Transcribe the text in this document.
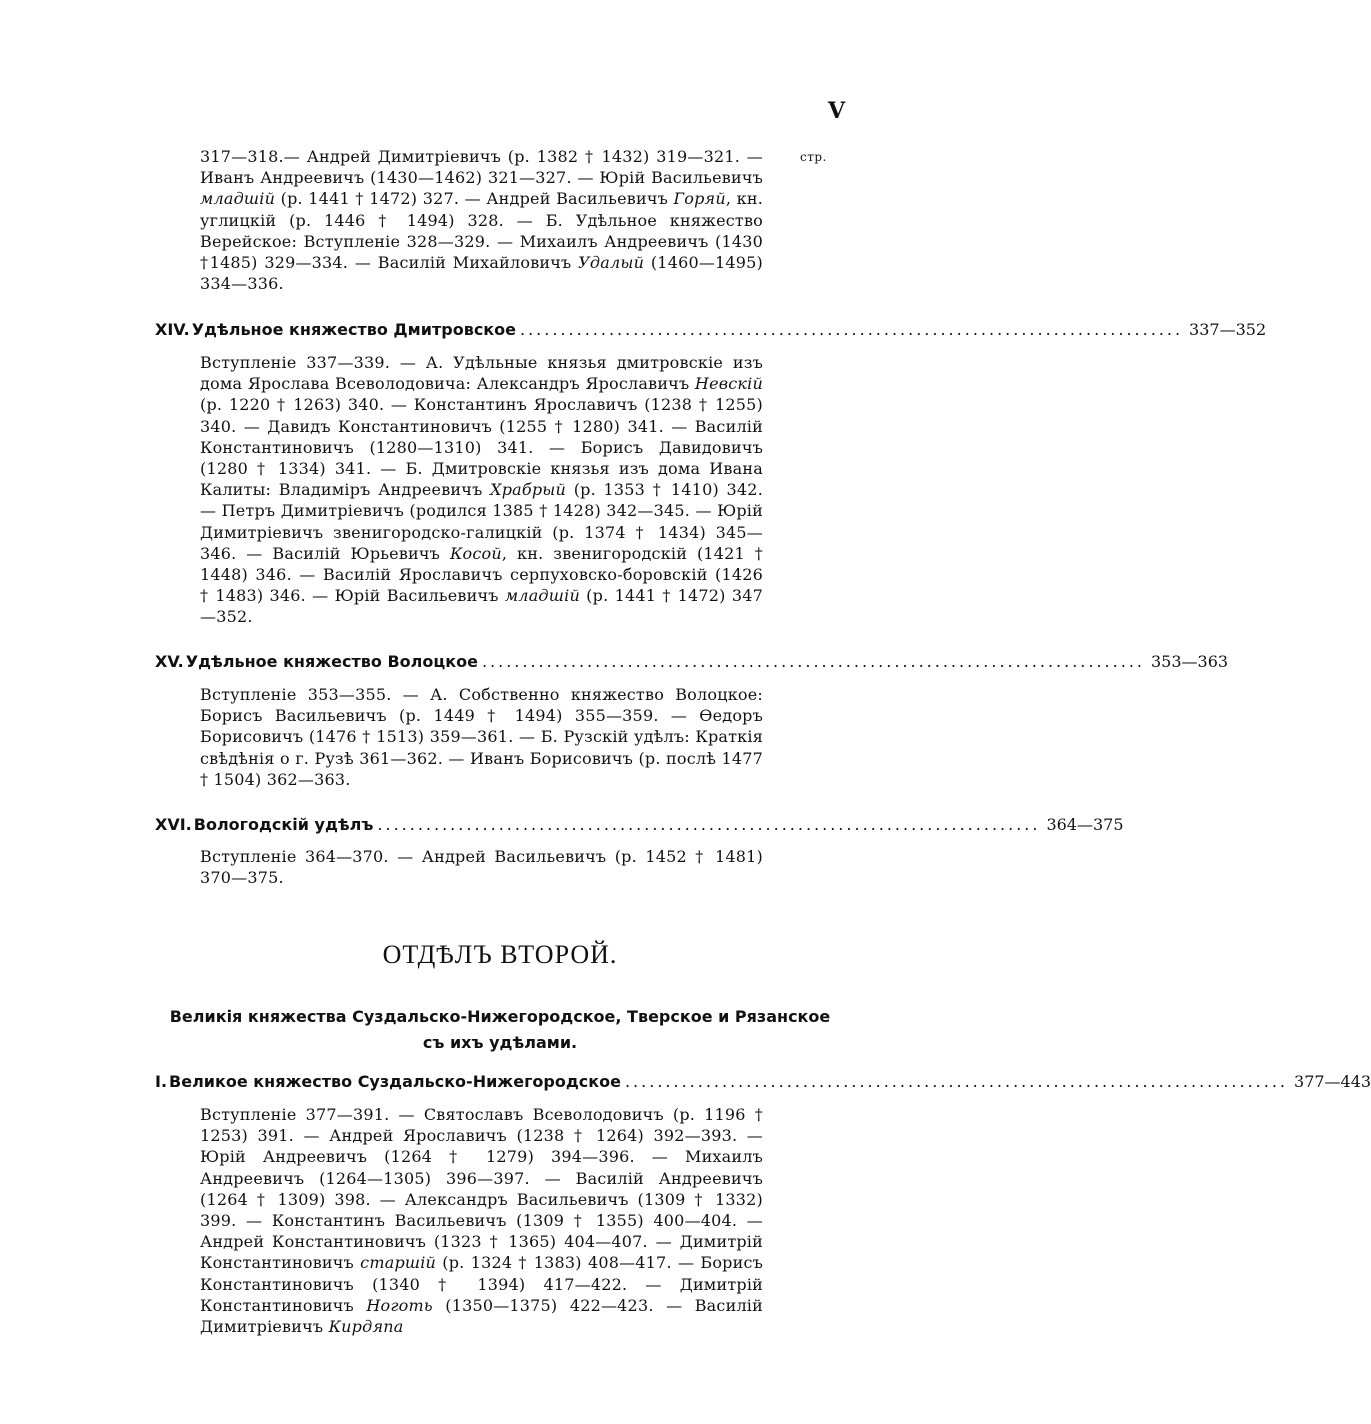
V
стр.
317—318.— Андрей Димитріевичъ (р. 1382 † 1432) 319—321. — Иванъ Андреевичъ (1430—1462) 321—327. — Юрій Васильевичъ младшій (р. 1441 † 1472) 327. — Андрей Васильевичъ Горяй, кн. углицкій (р. 1446 † 1494) 328. — Б. Удѣльное княжество Верейское: Вступленіе 328—329. — Михаилъ Андреевичъ (1430 †1485) 329—334. — Василій Михайловичъ Удалый (1460—1495) 334—336.
XIV. Удѣльное княжество Дмитровское .................................................................................. 337—352
Вступленіе 337—339. — А. Удѣльные князья дмитровскіе изъ дома Ярослава Всеволодовича: Александръ Ярославичъ Невскій (р. 1220 † 1263) 340. — Константинъ Ярославичъ (1238 † 1255) 340. — Давидъ Константиновичъ (1255 † 1280) 341. — Василій Константиновичъ (1280—1310) 341. — Борисъ Давидовичъ (1280 † 1334) 341. — Б. Дмитровскіе князья изъ дома Ивана Калиты: Владиміръ Андреевичъ Храбрый (р. 1353 † 1410) 342. — Петръ Димитріевичъ (родился 1385 † 1428) 342—345. — Юрій Димитріевичъ звенигородско-галицкій (р. 1374 † 1434) 345—346. — Василій Юрьевичъ Косой, кн. звенигородскій (1421 † 1448) 346. — Василій Ярославичъ серпуховско-боровскій (1426 † 1483) 346. — Юрій Васильевичъ младшій (р. 1441 † 1472) 347—352.
XV. Удѣльное княжество Волоцкое .................................................................................. 353—363
Вступленіе 353—355. — А. Собственно княжество Волоцкое: Борисъ Васильевичъ (р. 1449 † 1494) 355—359. — Ѳедоръ Борисовичъ (1476 † 1513) 359—361. — Б. Рузскій удѣлъ: Краткія свѣдѣнія о г. Рузѣ 361—362. — Иванъ Борисовичъ (р. послѣ 1477 † 1504) 362—363.
XVI. Вологодскій удѣлъ .................................................................................. 364—375
Вступленіе 364—370. — Андрей Васильевичъ (р. 1452 † 1481) 370—375.
ОТДѢЛЪ ВТОРОЙ.
Великія княжества Суздальско-Нижегородское, Тверское и Рязанское съ ихъ удѣлами.
I. Великое княжество Суздальско-Нижегородское .................................................................................. 377—443
Вступленіе 377—391. — Святославъ Всеволодовичъ (р. 1196 † 1253) 391. — Андрей Ярославичъ (1238 † 1264) 392—393. — Юрій Андреевичъ (1264 † 1279) 394—396. — Михаилъ Андреевичъ (1264—1305) 396—397. — Василій Андреевичъ (1264 † 1309) 398. — Александръ Васильевичъ (1309 † 1332) 399. — Константинъ Васильевичъ (1309 † 1355) 400—404. — Андрей Константиновичъ (1323 † 1365) 404—407. — Димитрій Константиновичъ старшій (р. 1324 † 1383) 408—417. — Борисъ Константиновичъ (1340 † 1394) 417—422. — Димитрій Константиновичъ Ноготь (1350—1375) 422—423. — Василій Димитріевичъ Кирдяпа
